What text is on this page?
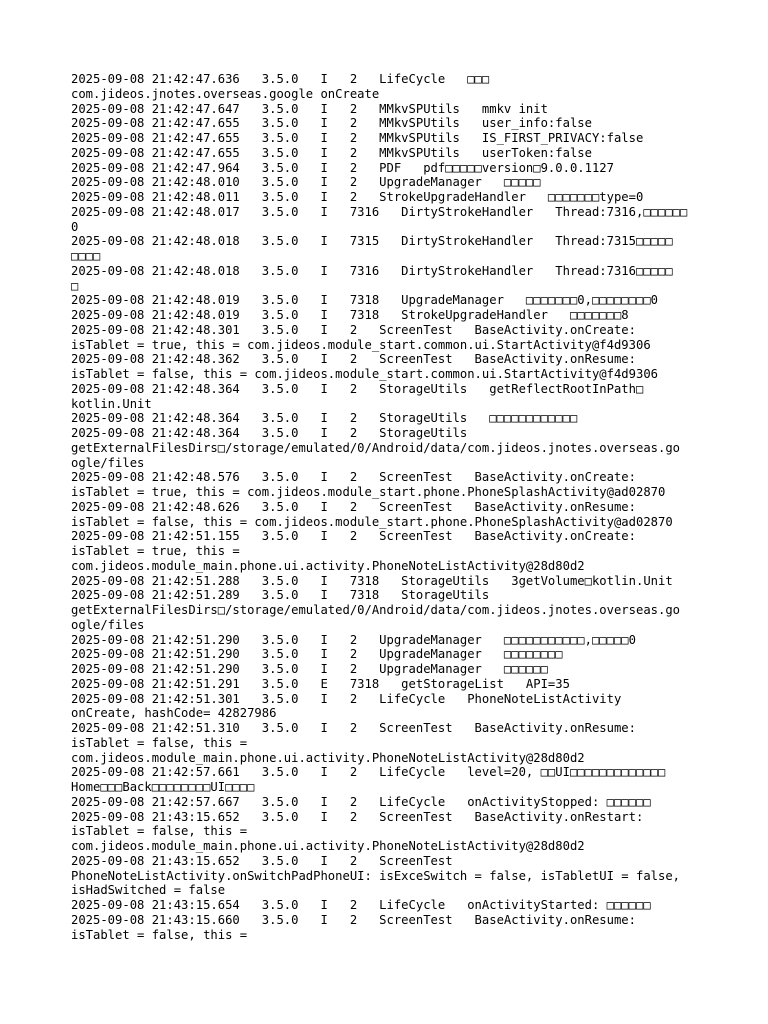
2025-09-08 21:42:47.636   3.5.0   I   2   LifeCycle   □□□
com.jideos.jnotes.overseas.google onCreate
2025-09-08 21:42:47.647   3.5.0   I   2   MMkvSPUtils   mmkv init
2025-09-08 21:42:47.655   3.5.0   I   2   MMkvSPUtils   user_info:false
2025-09-08 21:42:47.655   3.5.0   I   2   MMkvSPUtils   IS_FIRST_PRIVACY:false
2025-09-08 21:42:47.655   3.5.0   I   2   MMkvSPUtils   userToken:false
2025-09-08 21:42:47.964   3.5.0   I   2   PDF   pdf□□□□□version□9.0.0.1127
2025-09-08 21:42:48.010   3.5.0   I   2   UpgradeManager   □□□□□
2025-09-08 21:42:48.011   3.5.0   I   2   StrokeUpgradeHandler   □□□□□□□type=0
2025-09-08 21:42:48.017   3.5.0   I   7316   DirtyStrokeHandler   Thread:7316,□□□□□□
0
2025-09-08 21:42:48.018   3.5.0   I   7315   DirtyStrokeHandler   Thread:7315□□□□□
□□□□
2025-09-08 21:42:48.018   3.5.0   I   7316   DirtyStrokeHandler   Thread:7316□□□□□
□
2025-09-08 21:42:48.019   3.5.0   I   7318   UpgradeManager   □□□□□□□0,□□□□□□□□0
2025-09-08 21:42:48.019   3.5.0   I   7318   StrokeUpgradeHandler   □□□□□□□8
2025-09-08 21:42:48.301   3.5.0   I   2   ScreenTest   BaseActivity.onCreate:
isTablet = true, this = com.jideos.module_start.common.ui.StartActivity@f4d9306
2025-09-08 21:42:48.362   3.5.0   I   2   ScreenTest   BaseActivity.onResume:
isTablet = false, this = com.jideos.module_start.common.ui.StartActivity@f4d9306
2025-09-08 21:42:48.364   3.5.0   I   2   StorageUtils   getReflectRootInPath□
kotlin.Unit
2025-09-08 21:42:48.364   3.5.0   I   2   StorageUtils   □□□□□□□□□□□□
2025-09-08 21:42:48.364   3.5.0   I   2   StorageUtils
getExternalFilesDirs□/storage/emulated/0/Android/data/com.jideos.jnotes.overseas.go
ogle/files
2025-09-08 21:42:48.576   3.5.0   I   2   ScreenTest   BaseActivity.onCreate:
isTablet = true, this = com.jideos.module_start.phone.PhoneSplashActivity@ad02870
2025-09-08 21:42:48.626   3.5.0   I   2   ScreenTest   BaseActivity.onResume:
isTablet = false, this = com.jideos.module_start.phone.PhoneSplashActivity@ad02870
2025-09-08 21:42:51.155   3.5.0   I   2   ScreenTest   BaseActivity.onCreate:
isTablet = true, this =
com.jideos.module_main.phone.ui.activity.PhoneNoteListActivity@28d80d2
2025-09-08 21:42:51.288   3.5.0   I   7318   StorageUtils   3getVolume□kotlin.Unit
2025-09-08 21:42:51.289   3.5.0   I   7318   StorageUtils
getExternalFilesDirs□/storage/emulated/0/Android/data/com.jideos.jnotes.overseas.go
ogle/files
2025-09-08 21:42:51.290   3.5.0   I   2   UpgradeManager   □□□□□□□□□□□,□□□□□0
2025-09-08 21:42:51.290   3.5.0   I   2   UpgradeManager   □□□□□□□□
2025-09-08 21:42:51.290   3.5.0   I   2   UpgradeManager   □□□□□□
2025-09-08 21:42:51.291   3.5.0   E   7318   getStorageList   API=35
2025-09-08 21:42:51.301   3.5.0   I   2   LifeCycle   PhoneNoteListActivity
onCreate, hashCode= 42827986
2025-09-08 21:42:51.310   3.5.0   I   2   ScreenTest   BaseActivity.onResume:
isTablet = false, this =
com.jideos.module_main.phone.ui.activity.PhoneNoteListActivity@28d80d2
2025-09-08 21:42:57.661   3.5.0   I   2   LifeCycle   level=20, □□UI□□□□□□□□□□□□□
Home□□□Back□□□□□□□□UI□□□□
2025-09-08 21:42:57.667   3.5.0   I   2   LifeCycle   onActivityStopped: □□□□□□
2025-09-08 21:43:15.652   3.5.0   I   2   ScreenTest   BaseActivity.onRestart:
isTablet = false, this =
com.jideos.module_main.phone.ui.activity.PhoneNoteListActivity@28d80d2
2025-09-08 21:43:15.652   3.5.0   I   2   ScreenTest
PhoneNoteListActivity.onSwitchPadPhoneUI: isExceSwitch = false, isTabletUI = false,
isHadSwitched = false
2025-09-08 21:43:15.654   3.5.0   I   2   LifeCycle   onActivityStarted: □□□□□□
2025-09-08 21:43:15.660   3.5.0   I   2   ScreenTest   BaseActivity.onResume:
isTablet = false, this =
